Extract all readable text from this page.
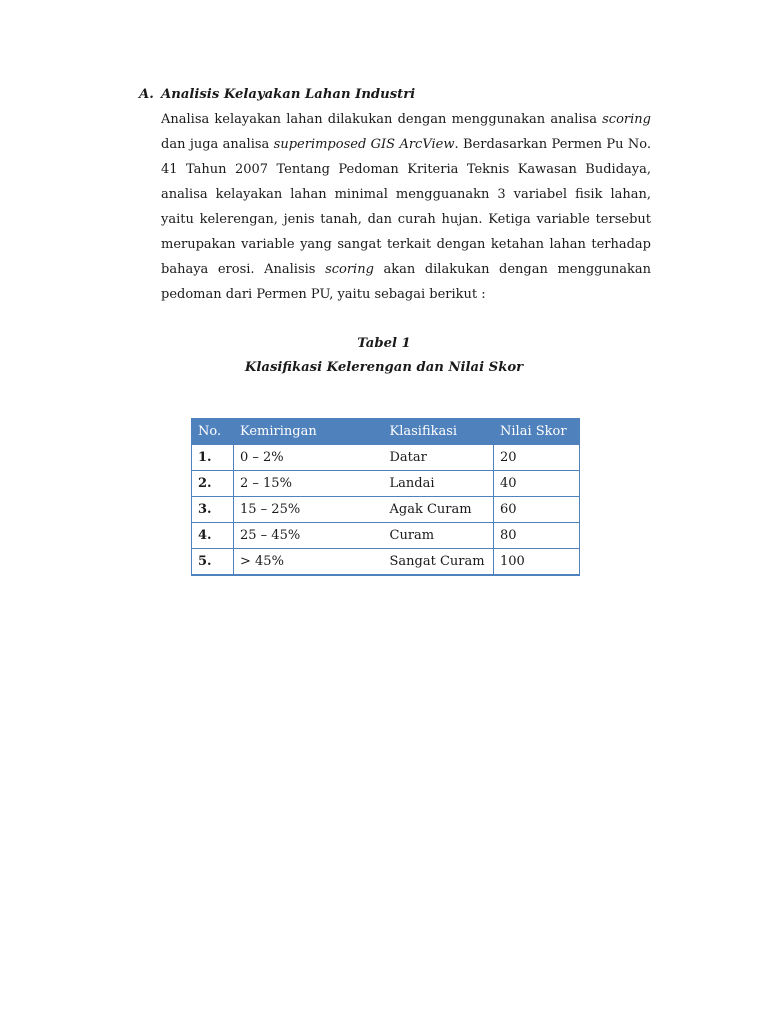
A. Analisis Kelayakan Lahan Industri

Analisa kelayakan lahan dilakukan dengan menggunakan analisa scoring dan juga analisa superimposed GIS ArcView. Berdasarkan Permen Pu No. 41 Tahun 2007 Tentang Pedoman Kriteria Teknis Kawasan Budidaya, analisa kelayakan lahan minimal mengguanakn 3 variabel fisik lahan, yaitu kelerengan, jenis tanah, dan curah hujan. Ketiga variable tersebut merupakan variable yang sangat terkait dengan ketahan lahan terhadap bahaya erosi. Analisis scoring akan dilakukan dengan menggunakan pedoman dari Permen PU, yaitu sebagai berikut :

Tabel 1
Klasifikasi Kelerengan dan Nilai Skor
No.	Kemiringan	Klasifikasi	Nilai Skor
1.	0 – 2%	Datar	20
2.	2 – 15%	Landai	40
3.	15 – 25%	Agak Curam	60
4.	25 – 45%	Curam	80
5.	> 45%	Sangat Curam	100
